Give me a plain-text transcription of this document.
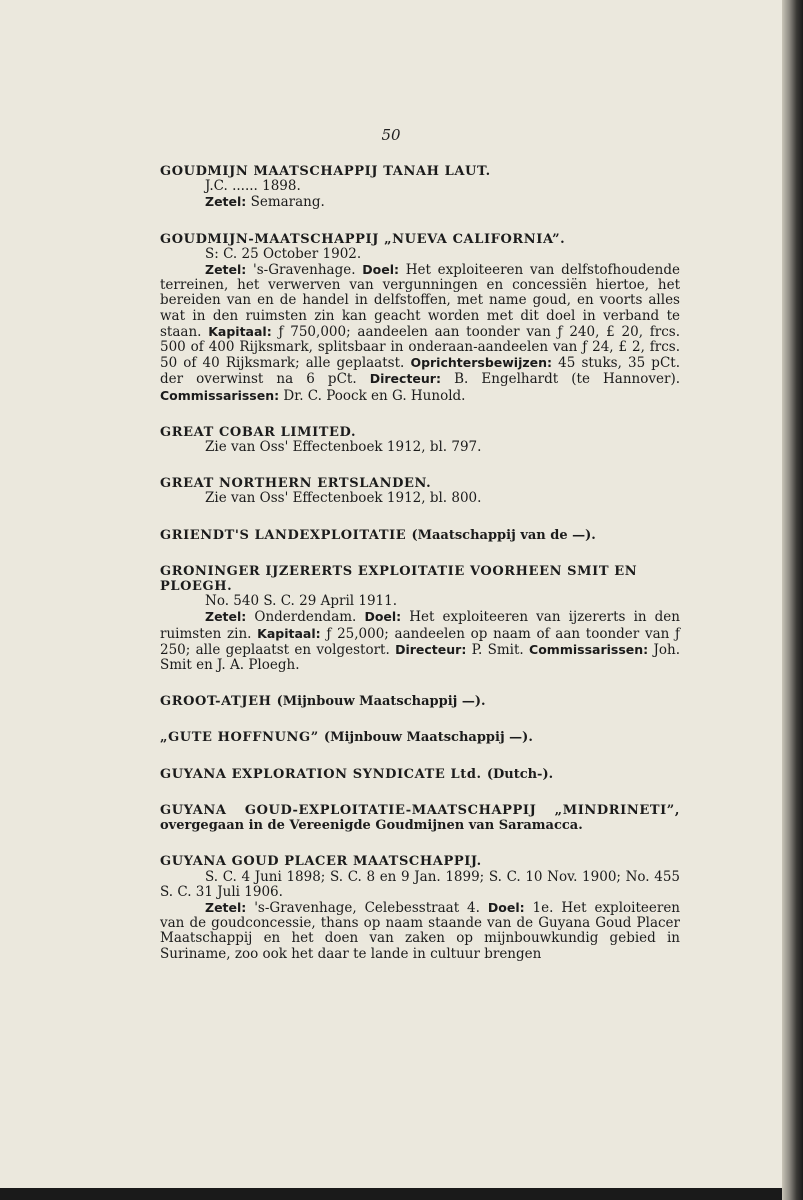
50
GOUDMIJN MAATSCHAPPIJ TANAH LAUT.
J.C. ...... 1898.
Zetel: Semarang.
GOUDMIJN-MAATSCHAPPIJ „NUEVA CALIFORNIA”.
S: C. 25 October 1902.
Zetel: 's-Gravenhage. Doel: Het exploiteeren van delfstofhoudende terreinen, het verwerven van vergunningen en concessiën hiertoe, het bereiden van en de handel in delfstoffen, met name goud, en voorts alles wat in den ruimsten zin kan geacht worden met dit doel in verband te staan. Kapitaal: ƒ 750,000; aandeelen aan toonder van ƒ 240, £ 20, frcs. 500 of 400 Rijksmark, splitsbaar in onderaan-aandeelen van ƒ 24, £ 2, frcs. 50 of 40 Rijksmark; alle geplaatst. Oprichtersbewijzen: 45 stuks, 35 pCt. der overwinst na 6 pCt. Directeur: B. Engelhardt (te Hannover). Commissarissen: Dr. C. Poock en G. Hunold.
GREAT COBAR LIMITED.
Zie van Oss' Effectenboek 1912, bl. 797.
GREAT NORTHERN ERTSLANDEN.
Zie van Oss' Effectenboek 1912, bl. 800.
GRIENDT'S LANDEXPLOITATIE (Maatschappij van de —).
GRONINGER IJZERERTS EXPLOITATIE VOORHEEN SMIT EN PLOEGH.
No. 540 S. C. 29 April 1911.
Zetel: Onderdendam. Doel: Het exploiteeren van ijzererts in den ruimsten zin. Kapitaal: ƒ 25,000; aandeelen op naam of aan toonder van ƒ 250; alle geplaatst en volgestort. Directeur: P. Smit. Commissarissen: Joh. Smit en J. A. Ploegh.
GROOT-ATJEH (Mijnbouw Maatschappij —).
„GUTE HOFFNUNG” (Mijnbouw Maatschappij —).
GUYANA EXPLORATION SYNDICATE Ltd. (Dutch-).
GUYANA GOUD-EXPLOITATIE-MAATSCHAPPIJ „MINDRINETI”, overgegaan in de Vereenigde Goudmijnen van Saramacca.
GUYANA GOUD PLACER MAATSCHAPPIJ.
S. C. 4 Juni 1898; S. C. 8 en 9 Jan. 1899; S. C. 10 Nov. 1900; No. 455 S. C. 31 Juli 1906.
Zetel: 's-Gravenhage, Celebesstraat 4. Doel: 1e. Het exploiteeren van de goudconcessie, thans op naam staande van de Guyana Goud Placer Maatschappij en het doen van zaken op mijnbouwkundig gebied in Suriname, zoo ook het daar te lande in cultuur brengen
